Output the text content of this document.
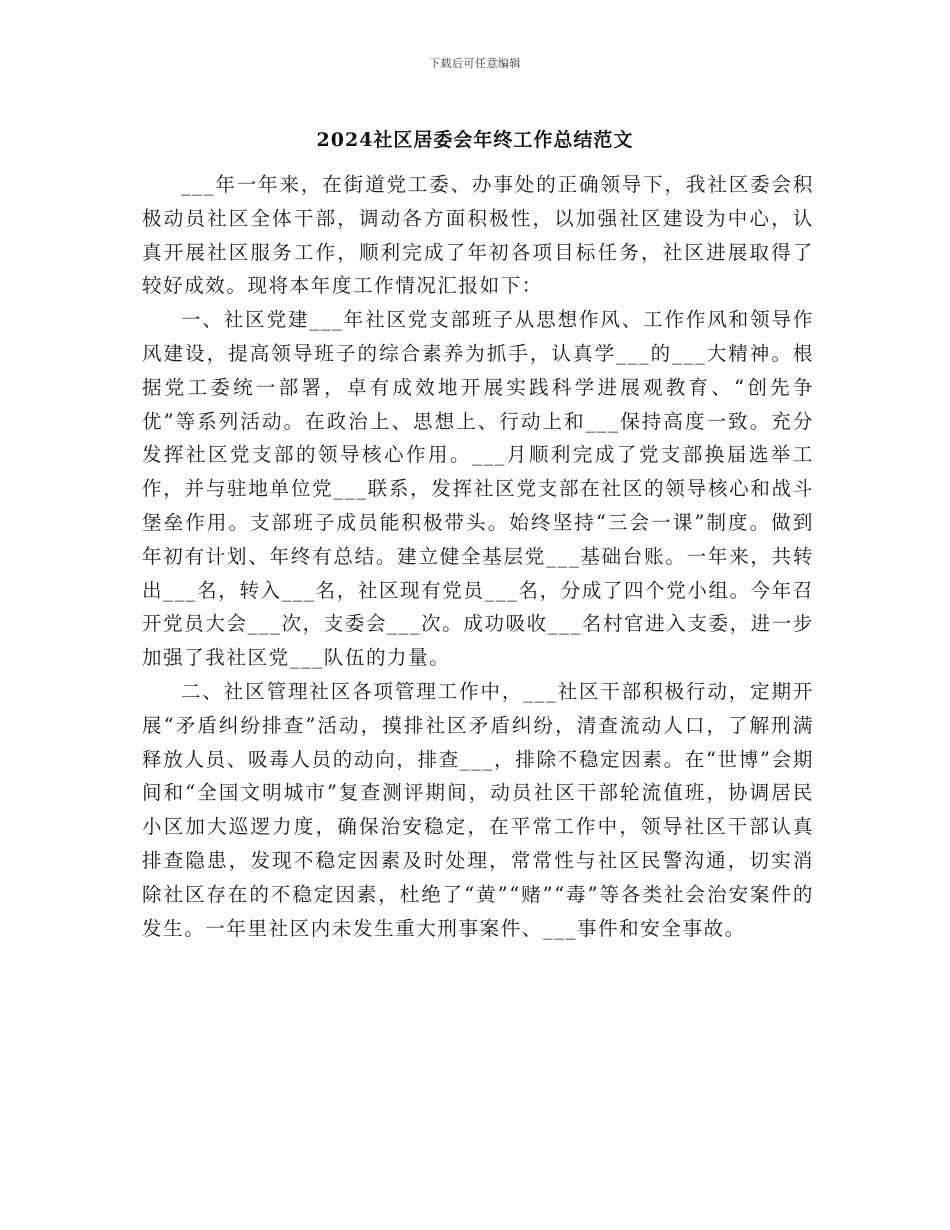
下载后可任意编辑
2024社区居委会年终工作总结范文

___年一年来，在街道党工委、办事处的正确领导下，我社区委会积极动员社区全体干部，调动各方面积极性，以加强社区建设为中心，认真开展社区服务工作，顺利完成了年初各项目标任务，社区进展取得了较好成效。现将本年度工作情况汇报如下：

一、社区党建___年社区党支部班子从思想作风、工作作风和领导作风建设，提高领导班子的综合素养为抓手，认真学___的___大精神。根据党工委统一部署，卓有成效地开展实践科学进展观教育、“创先争优”等系列活动。在政治上、思想上、行动上和___保持高度一致。充分发挥社区党支部的领导核心作用。___月顺利完成了党支部换届选举工作，并与驻地单位党___联系，发挥社区党支部在社区的领导核心和战斗堡垒作用。支部班子成员能积极带头。始终坚持“三会一课”制度。做到年初有计划、年终有总结。建立健全基层党___基础台账。一年来，共转出___名，转入___名，社区现有党员___名，分成了四个党小组。今年召开党员大会___次，支委会___次。成功吸收___名村官进入支委，进一步加强了我社区党___队伍的力量。

二、社区管理社区各项管理工作中，___社区干部积极行动，定期开展“矛盾纠纷排查”活动，摸排社区矛盾纠纷，清查流动人口，了解刑满释放人员、吸毒人员的动向，排查___，排除不稳定因素。在“世博”会期间和“全国文明城市”复查测评期间，动员社区干部轮流值班，协调居民小区加大巡逻力度，确保治安稳定，在平常工作中，领导社区干部认真排查隐患，发现不稳定因素及时处理，常常性与社区民警沟通，切实消除社区存在的不稳定因素，杜绝了“黄”“赌”“毒”等各类社会治安案件的发生。一年里社区内未发生重大刑事案件、___事件和安全事故。
